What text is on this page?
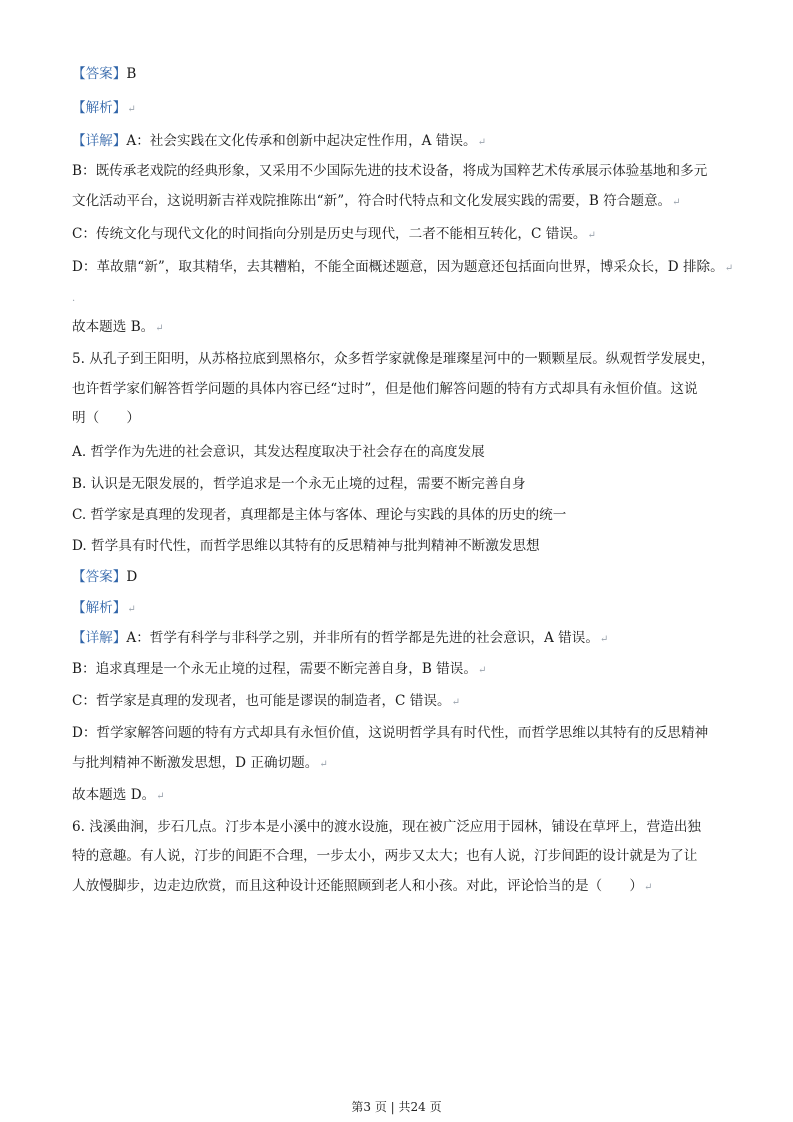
【答案】B
【解析】↵
【详解】A：社会实践在文化传承和创新中起决定性作用，A 错误。↵
B：既传承老戏院的经典形象，又采用不少国际先进的技术设备，将成为国粹艺术传承展示体验基地和多元
文化活动平台，这说明新吉祥戏院推陈出“新”，符合时代特点和文化发展实践的需要，B 符合题意。↵
C：传统文化与现代文化的时间指向分别是历史与现代，二者不能相互转化，C 错误。↵
D：革故鼎“新”，取其精华，去其糟粕，不能全面概述题意，因为题意还包括面向世界，博采众长，D 排除。↵
·
故本题选 B。↵
5. 从孔子到王阳明，从苏格拉底到黑格尔，众多哲学家就像是璀璨星河中的一颗颗星辰。纵观哲学发展史，
也许哲学家们解答哲学问题的具体内容已经“过时”，但是他们解答问题的特有方式却具有永恒价值。这说
明（　　）
A. 哲学作为先进的社会意识，其发达程度取决于社会存在的高度发展
B. 认识是无限发展的，哲学追求是一个永无止境的过程，需要不断完善自身
C. 哲学家是真理的发现者，真理都是主体与客体、理论与实践的具体的历史的统一
D. 哲学具有时代性，而哲学思维以其特有的反思精神与批判精神不断激发思想
【答案】D
【解析】↵
【详解】A：哲学有科学与非科学之别，并非所有的哲学都是先进的社会意识，A 错误。↵
B：追求真理是一个永无止境的过程，需要不断完善自身，B 错误。↵
C：哲学家是真理的发现者，也可能是谬误的制造者，C 错误。↵
D：哲学家解答问题的特有方式却具有永恒价值，这说明哲学具有时代性，而哲学思维以其特有的反思精神
与批判精神不断激发思想，D 正确切题。↵
故本题选 D。↵
6. 浅溪曲涧，步石几点。汀步本是小溪中的渡水设施，现在被广泛应用于园林，铺设在草坪上，营造出独
特的意趣。有人说，汀步的间距不合理，一步太小，两步又太大；也有人说，汀步间距的设计就是为了让
人放慢脚步，边走边欣赏，而且这种设计还能照顾到老人和小孩。对此，评论恰当的是（　　）↵
第3 页 | 共24 页
